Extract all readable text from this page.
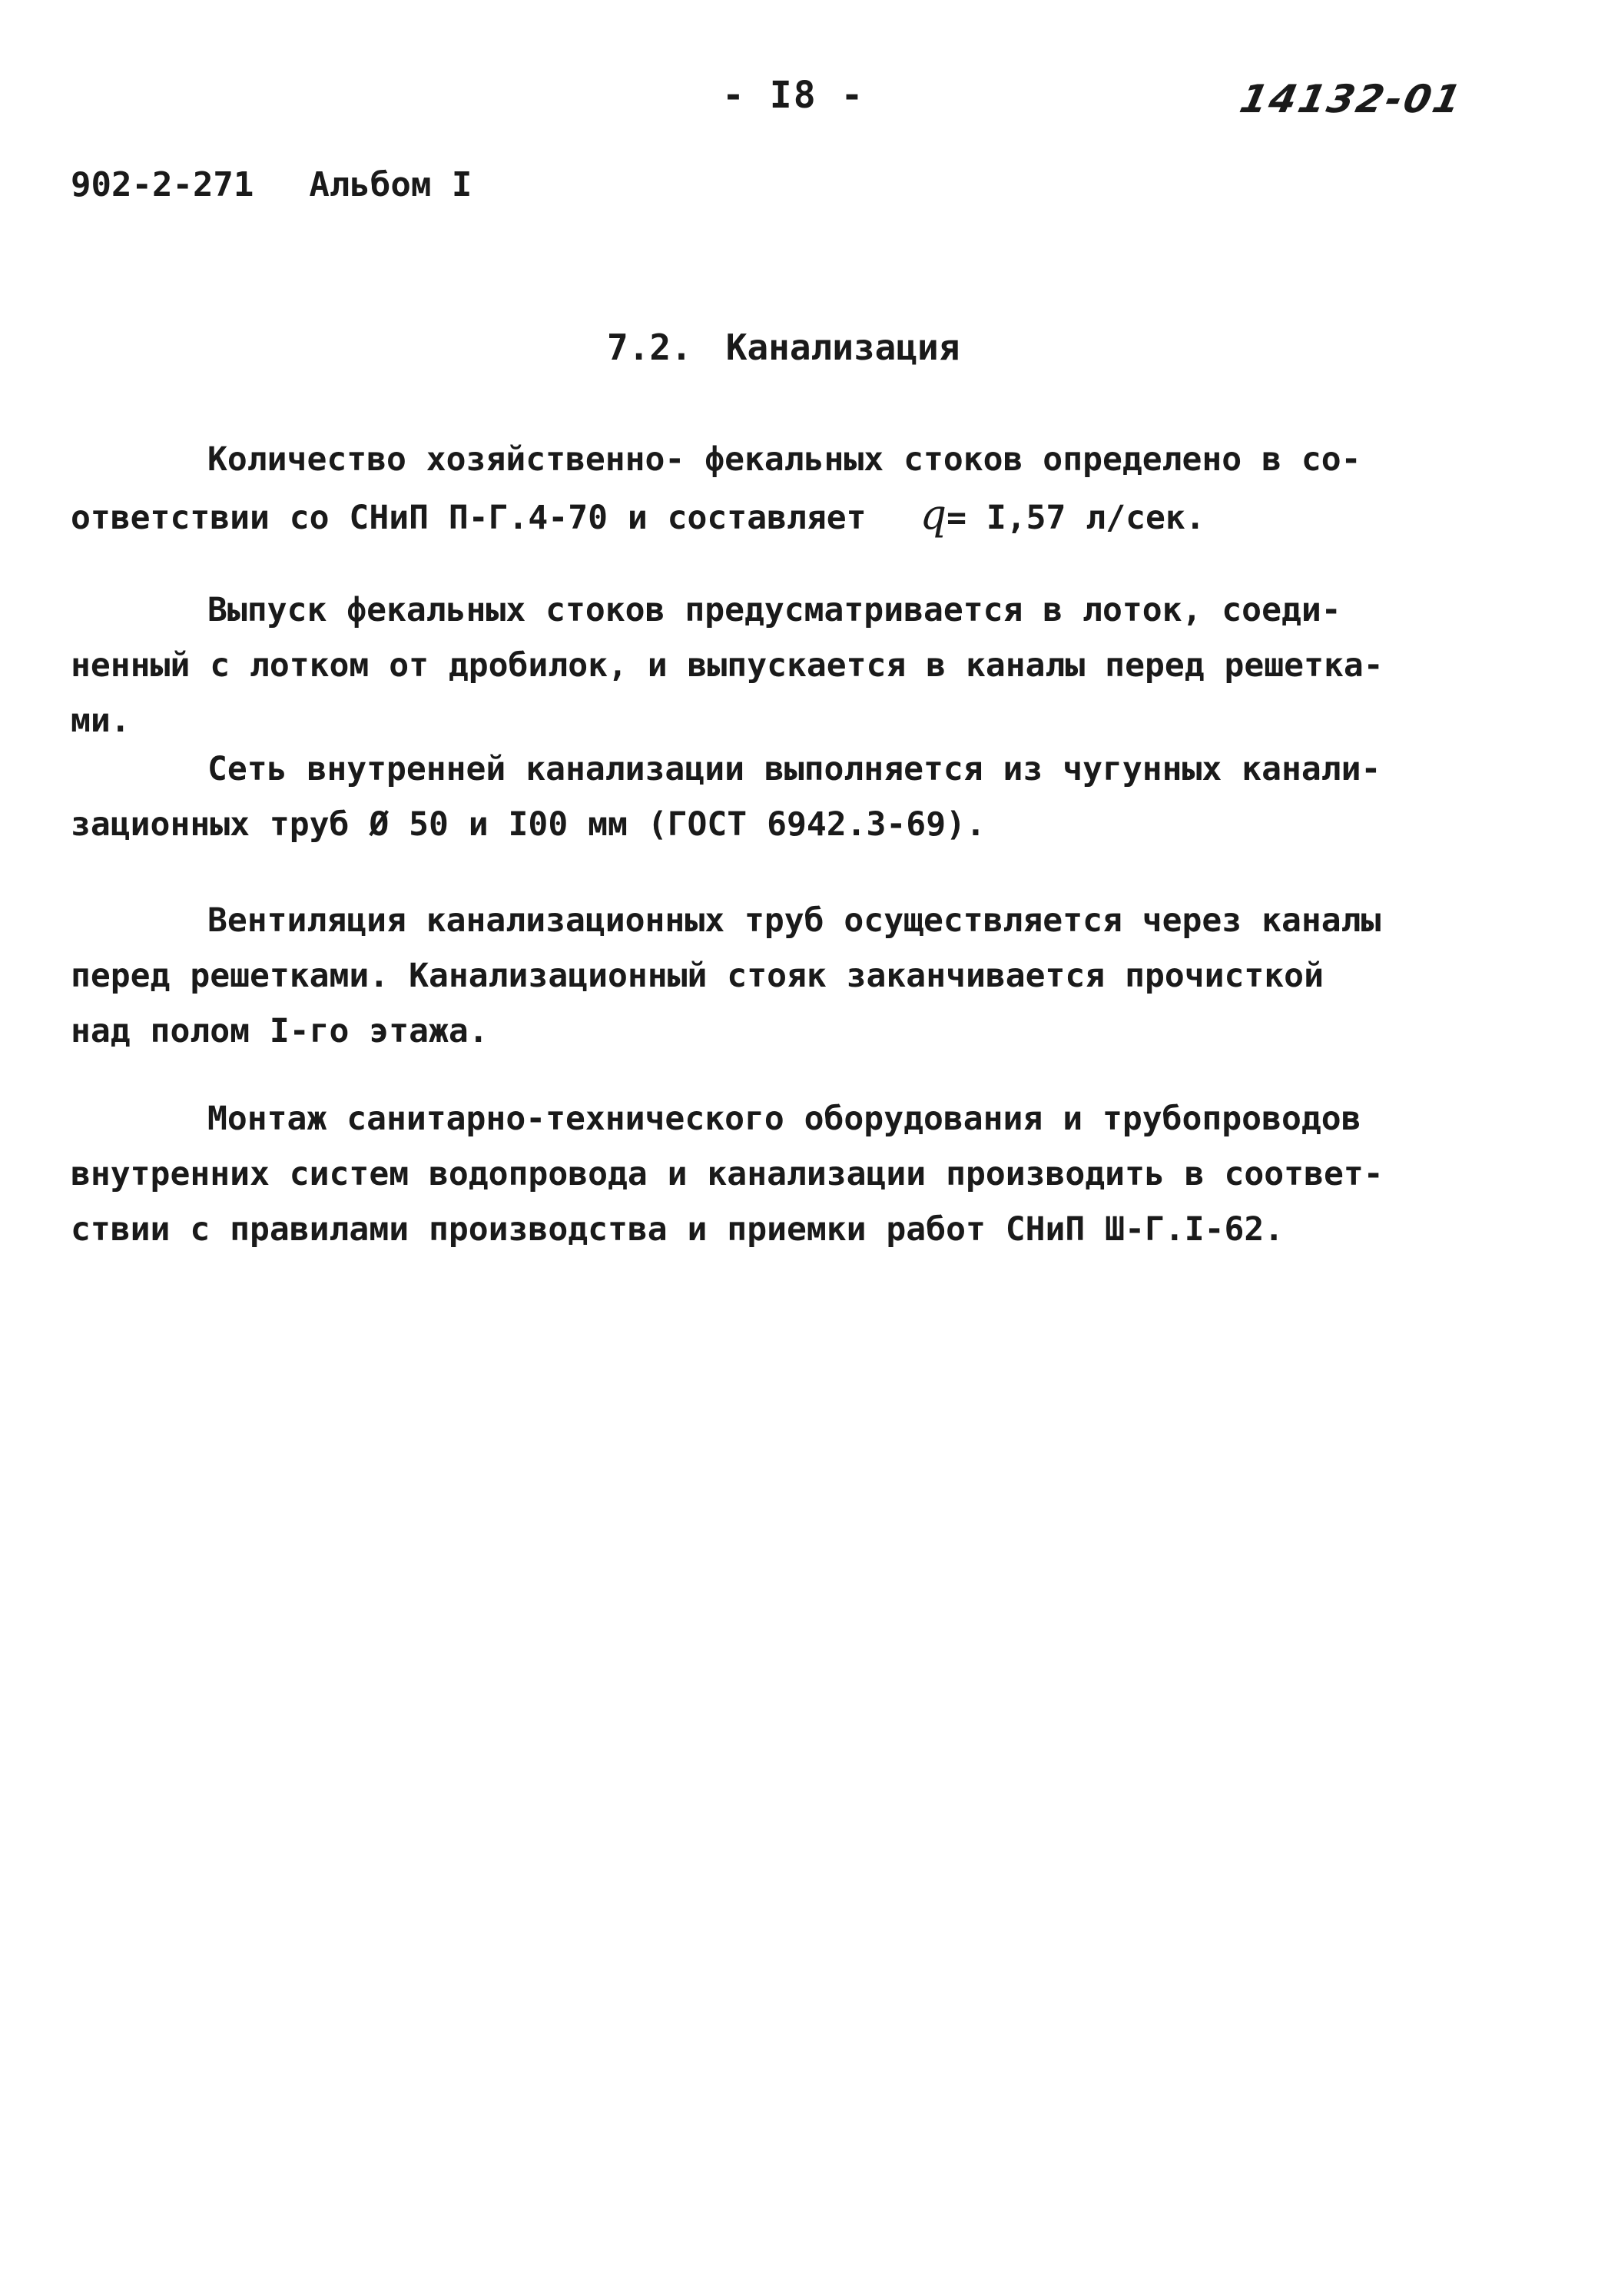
- I8 -	14132-01
902-2-271 Альбом I
7.2. Канализация
Количество хозяйственно- фекальных стоков определено в со-
ответствии со СНиП П-Г.4-70 и составляет q= I,57 л/сек.
Выпуск фекальных стоков предусматривается в лоток, соеди-
ненный с лотком от дробилок, и выпускается в каналы перед решетка-
ми.
Сеть внутренней канализации выполняется из чугунных канали-
зационных труб Ø 50 и I00 мм (ГОСТ 6942.3-69).
Вентиляция канализационных труб осуществляется через каналы
перед решетками. Канализационный стояк заканчивается прочисткой
над полом I-го этажа.
Монтаж санитарно-технического оборудования и трубопроводов
внутренних систем водопровода и канализации производить в соответ-
ствии с правилами производства и приемки работ СНиП Ш-Г.I-62.
